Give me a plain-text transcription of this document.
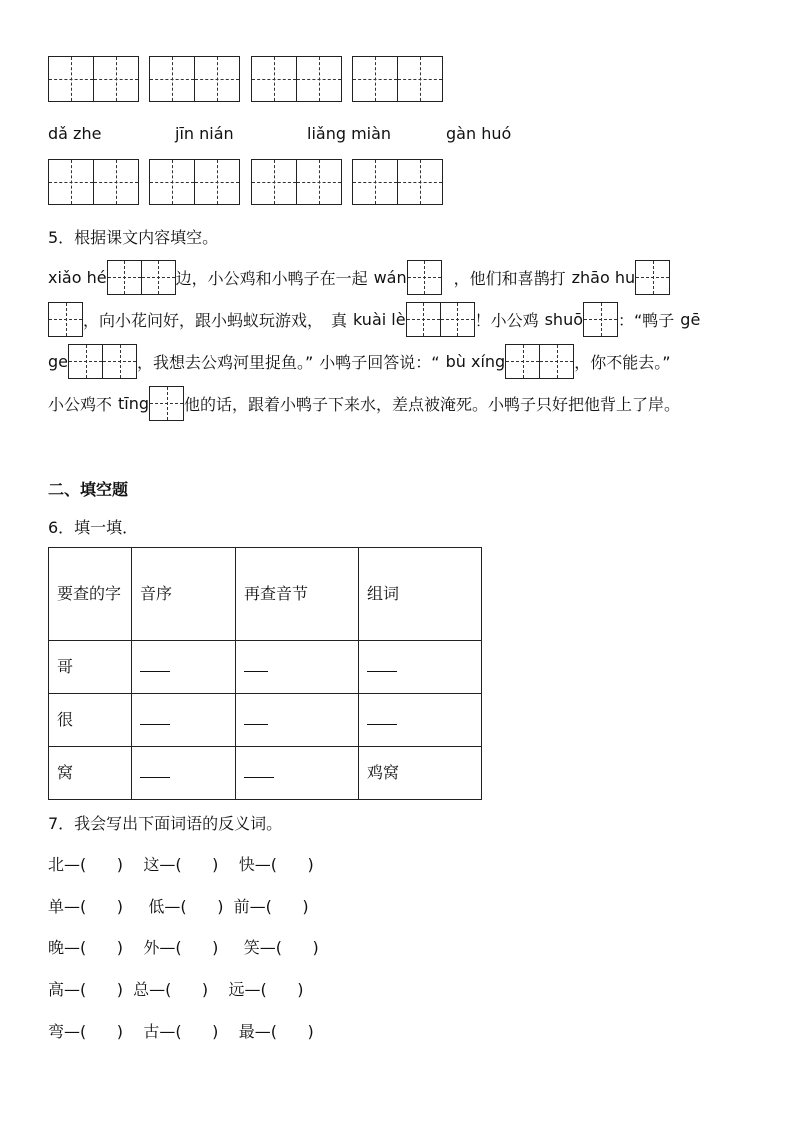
dǎ zhe	jīn nián	liǎng miàn	gàn huó
5．根据课文内容填空。
xiǎo hé	边，小公鸡和小鸭子在一起 wán	，他们和喜鹊打 zhāo hu
，向小花问好，跟小蚂蚁玩游戏， 真 kuài lè	！小公鸡 shuō ：“鸭子 gē
ge	，我想去公鸡河里捉鱼。” 小鸭子回答说：“ bù xíng	，你不能去。”
小公鸡不 tīng 他的话，跟着小鸭子下来水，差点被淹死。小鸭子只好把他背上了岸。
二、填空题
6．填一填．
要查的字	音序	再查音节	组词
哥			
很			
窝			鸡窝
7．我会写出下面词语的反义词。
北—(      )    这—(      )    快—(      )
单—(      )     低—(      )  前—(      )
晚—(      )    外—(      )     笑—(      )
高—(      )  总—(      )    远—(      )
弯—(      )    古—(      )    最—(      )
